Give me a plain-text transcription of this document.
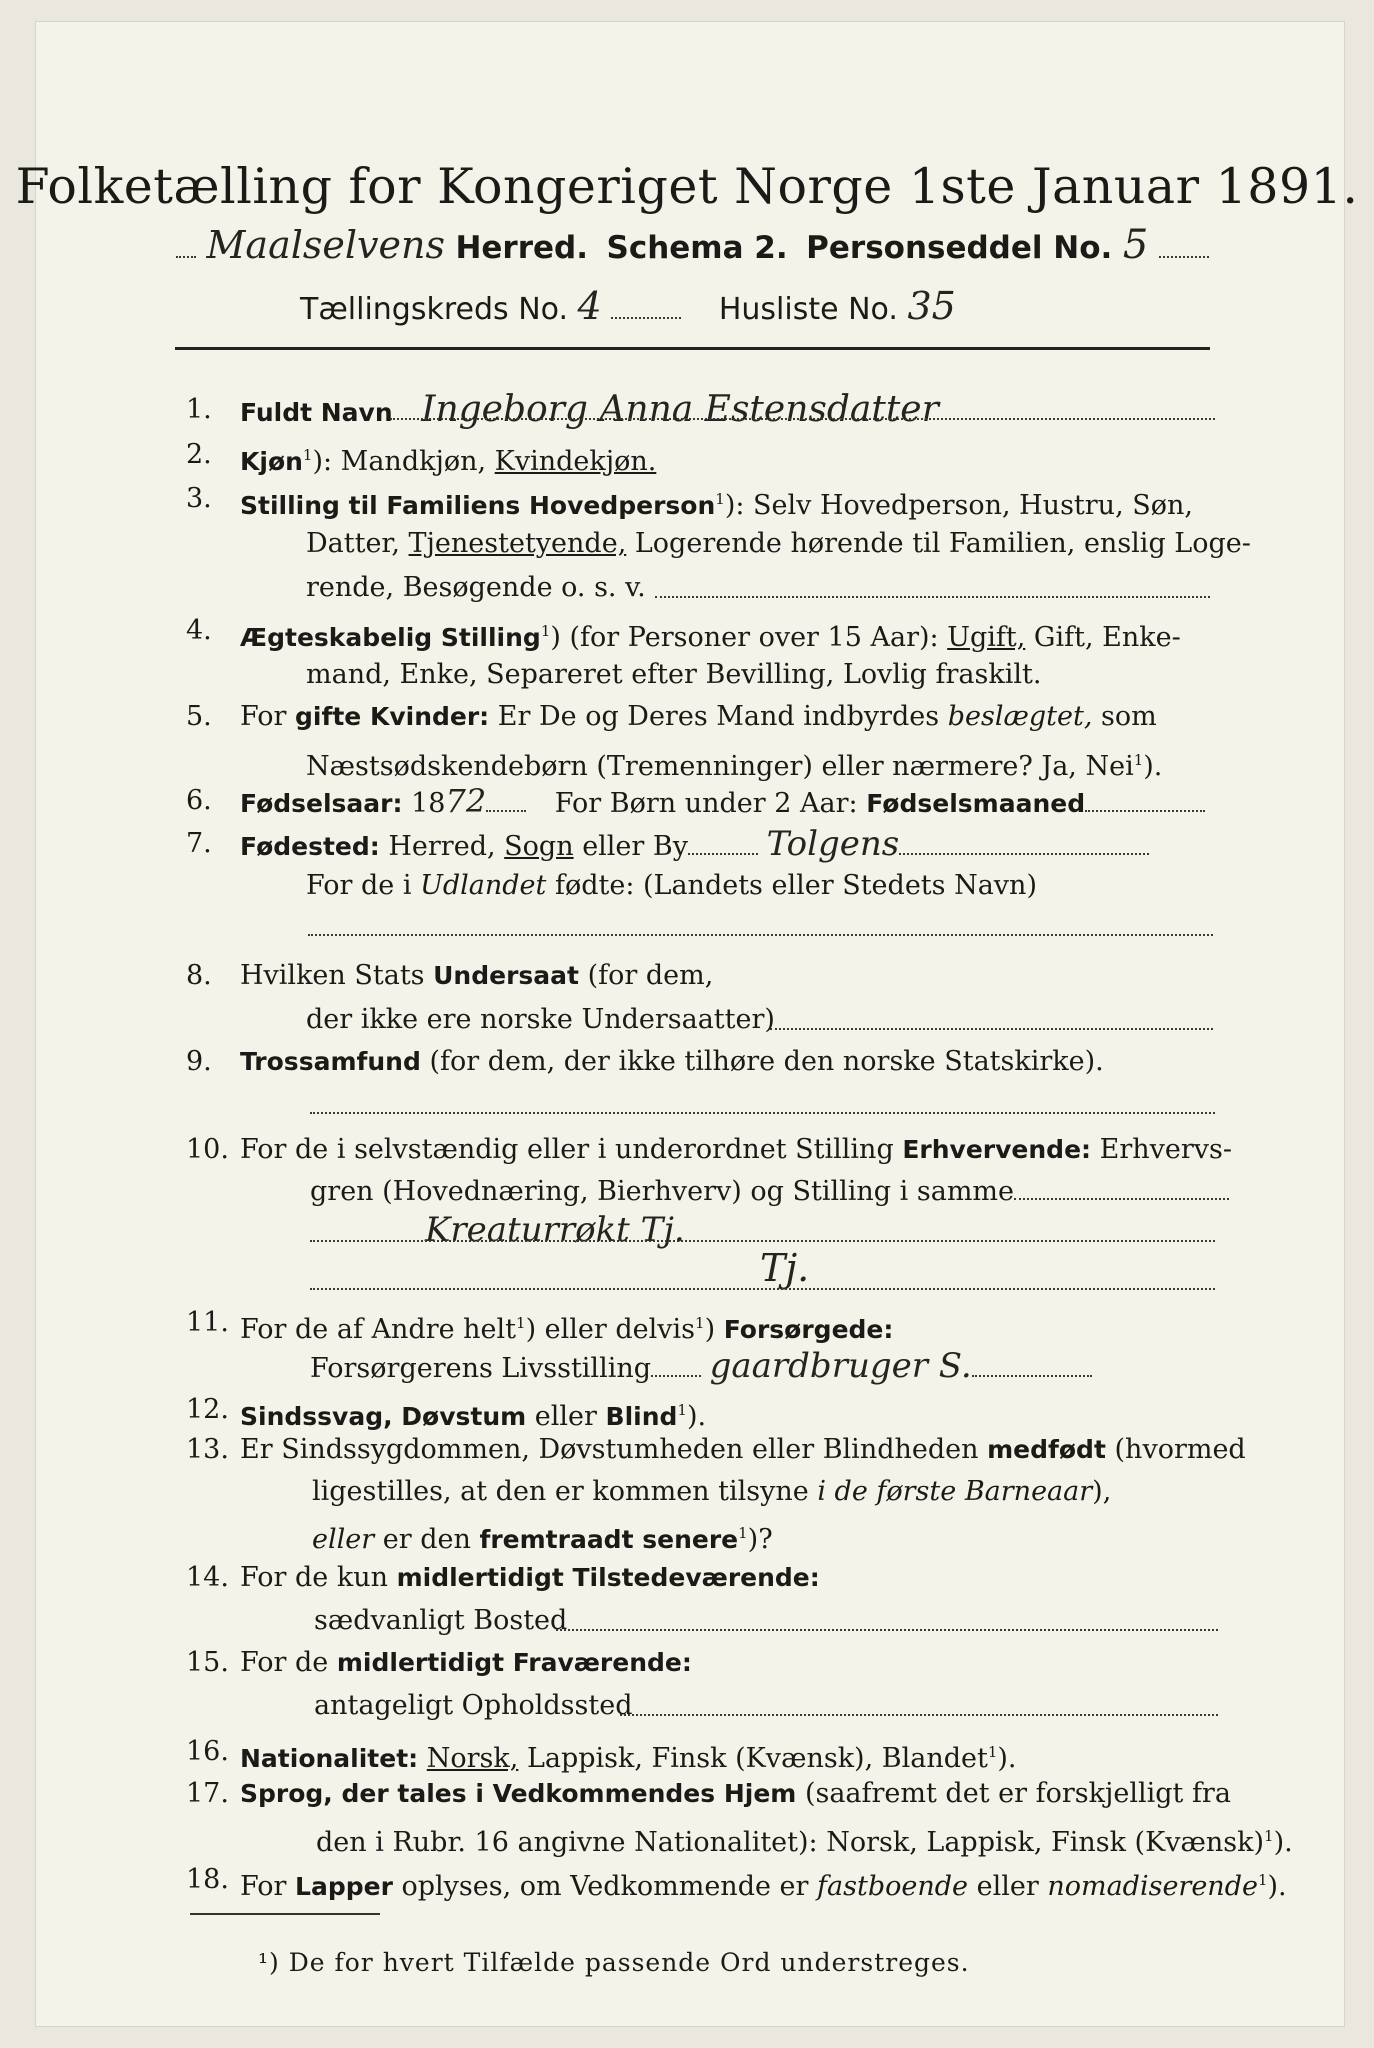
Folketælling for Kongeriget Norge 1ste Januar 1891.
Maalselvens Herred. Schema 2. Personseddel No. 5
Tællingskreds No. 4	Husliste No. 35
1.	Fuldt Navn Ingeborg Anna Estensdatter
2.	Kjøn$^1$): Mandkjøn, Kvindekjøn.
3.	Stilling til Familiens Hovedperson$^1$): Selv Hovedperson, Hustru, Søn,
Datter, Tjenestetyende, Logerende hørende til Familien, enslig Loge-
rende, Besøgende o. s. v.
4.	Ægteskabelig Stilling$^1$) (for Personer over 15 Aar): Ugift, Gift, Enke-
mand, Enke, Separeret efter Bevilling, Lovlig fraskilt.
5.	For gifte Kvinder: Er De og Deres Mand indbyrdes beslægtet, som
Næstsødskendebørn (Tremenninger) eller nærmere? Ja, Nei$^1$).
6.	Fødselsaar: 1872	For Børn under 2 Aar: Fødselsmaaned
7.	Fødested: Herred, Sogn eller By Tolgens
For de i Udlandet fødte: (Landets eller Stedets Navn)
8.	Hvilken Stats Undersaat (for dem,
der ikke ere norske Undersaatter)
9.	Trossamfund (for dem, der ikke tilhøre den norske Statskirke).
10. For de i selvstændig eller i underordnet Stilling Erhvervende: Erhvervs-
gren (Hovednæring, Bierhverv) og Stilling i samme
Kreaturrøkt Tj.
Tj.
11. For de af Andre helt$^1$) eller delvis$^1$) Forsørgede:
Forsørgerens Livsstilling gaardbruger S.
12. Sindssvag, Døvstum eller Blind$^1$).
13. Er Sindssygdommen, Døvstumheden eller Blindheden medfødt (hvormed
ligestilles, at den er kommen tilsyne i de første Barneaar),
eller er den fremtraadt senere$^1$)?
14. For de kun midlertidigt Tilstedeværende:
sædvanligt Bosted
15. For de midlertidigt Fraværende:
antageligt Opholdssted
16. Nationalitet: Norsk, Lappisk, Finsk (Kvænsk), Blandet$^1$).
17. Sprog, der tales i Vedkommendes Hjem (saafremt det er forskjelligt fra
den i Rubr. 16 angivne Nationalitet): Norsk, Lappisk, Finsk (Kvænsk)$^1$).
18. For Lapper oplyses, om Vedkommende er fastboende eller nomadiserende$^1$).
¹) De for hvert Tilfælde passende Ord understreges.
